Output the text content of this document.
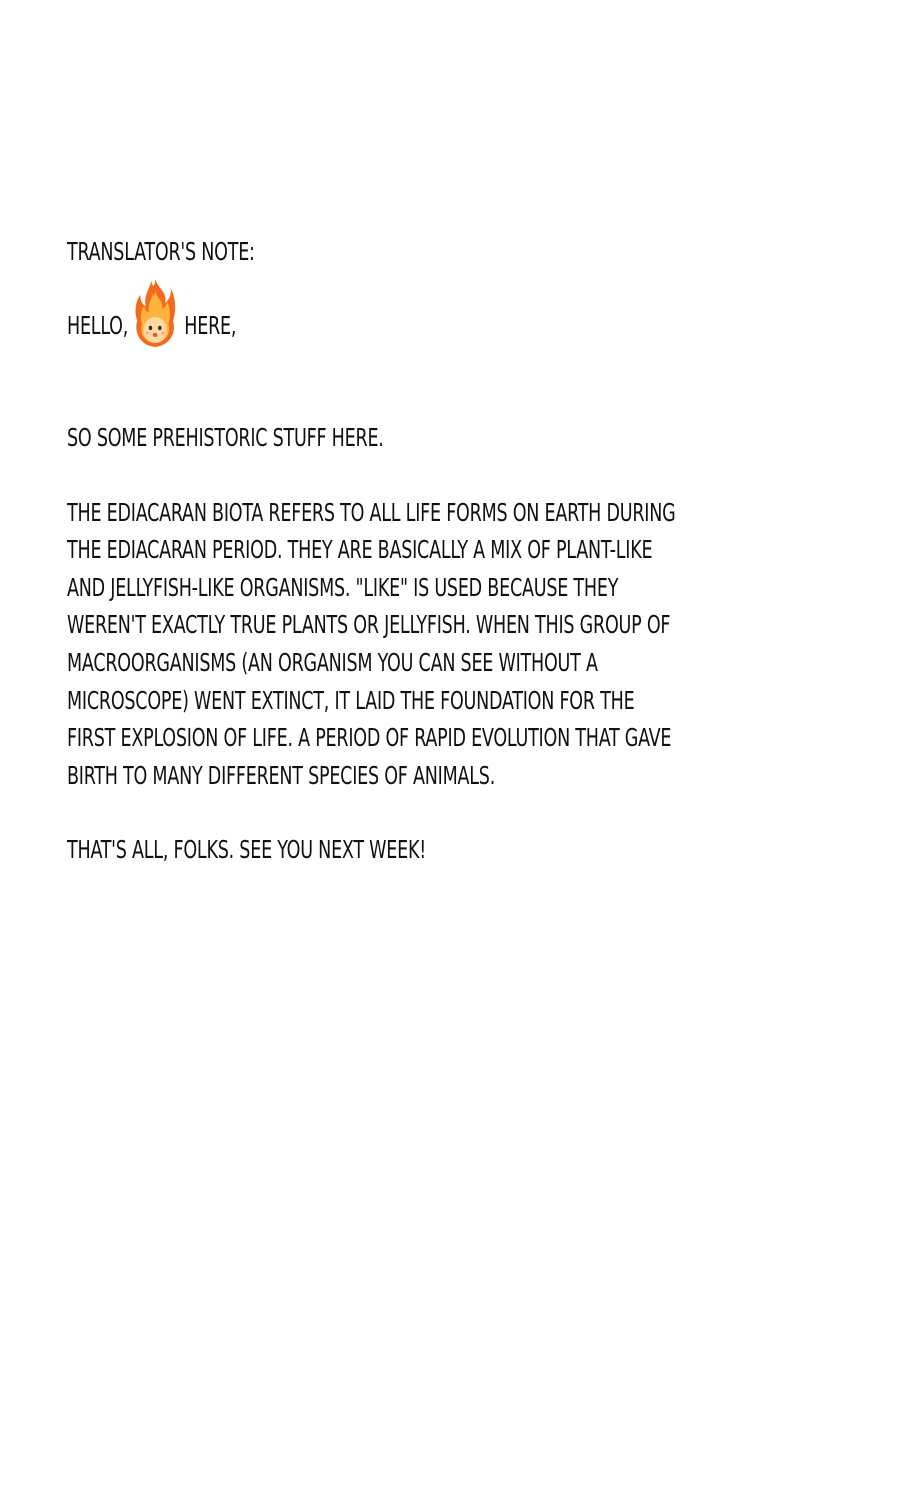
TRANSLATOR'S NOTE:

HELLO, HERE,

SO SOME PREHISTORIC STUFF HERE.

THE EDIACARAN BIOTA REFERS TO ALL LIFE FORMS ON EARTH DURING
THE EDIACARAN PERIOD. THEY ARE BASICALLY A MIX OF PLANT-LIKE
AND JELLYFISH-LIKE ORGANISMS. "LIKE" IS USED BECAUSE THEY
WEREN'T EXACTLY TRUE PLANTS OR JELLYFISH. WHEN THIS GROUP OF
MACROORGANISMS (AN ORGANISM YOU CAN SEE WITHOUT A
MICROSCOPE) WENT EXTINCT, IT LAID THE FOUNDATION FOR THE
FIRST EXPLOSION OF LIFE. A PERIOD OF RAPID EVOLUTION THAT GAVE
BIRTH TO MANY DIFFERENT SPECIES OF ANIMALS.

THAT'S ALL, FOLKS. SEE YOU NEXT WEEK!
